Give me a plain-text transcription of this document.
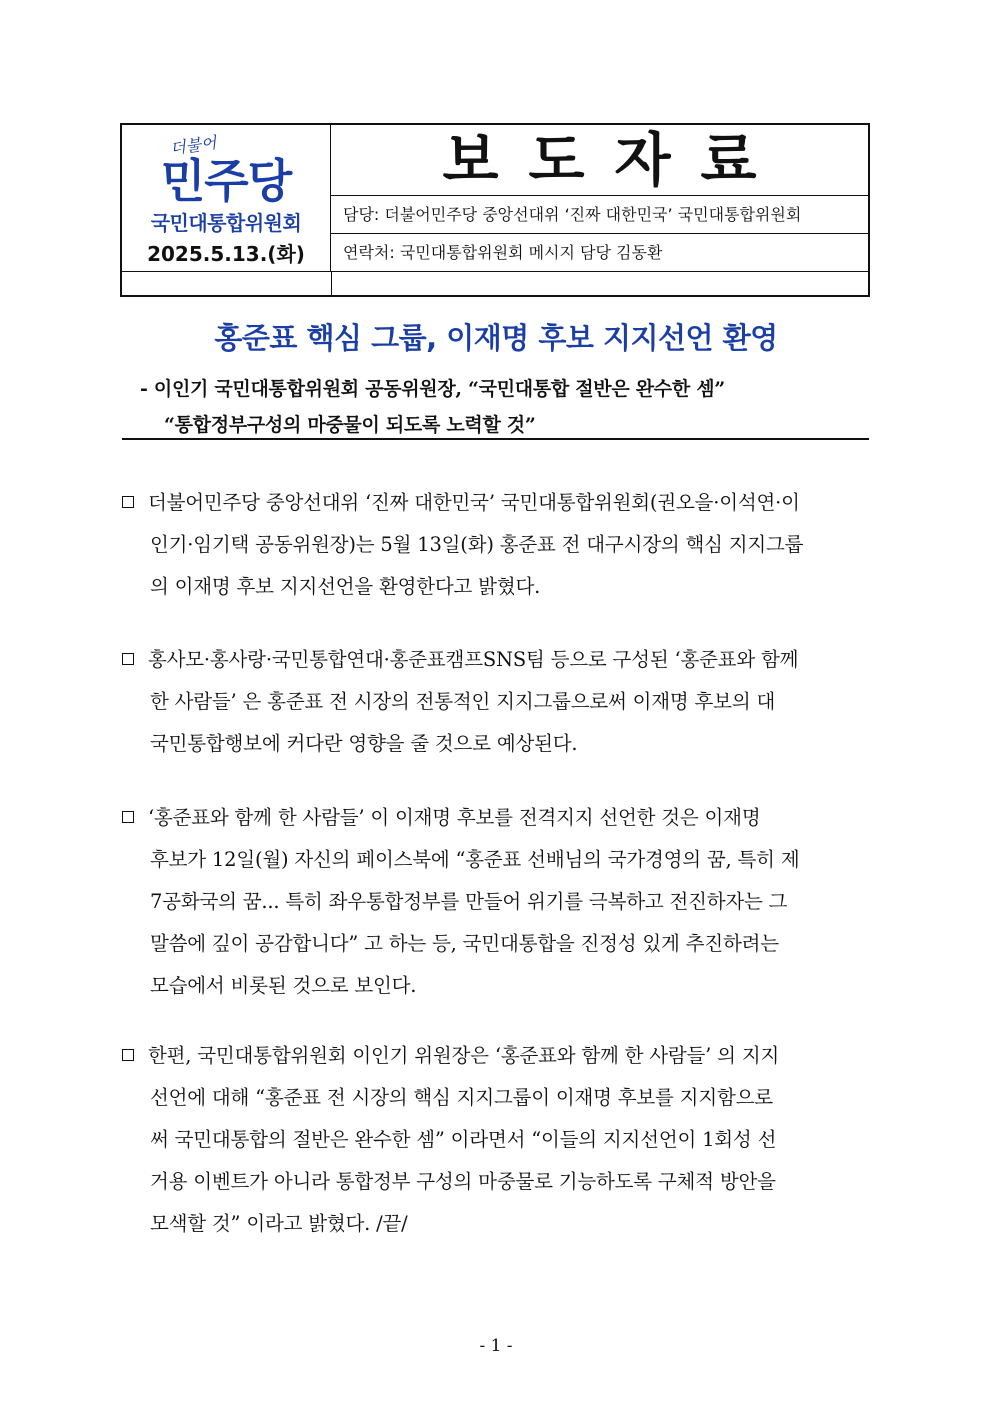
더불어
민주당
국민대통합위원회
2025.5.13.(화)
보도자료
담당: 더불어민주당 중앙선대위 ‘진짜 대한민국’ 국민대통합위원회
연락처: 국민대통합위원회 메시지 담당 김동환
홍준표 핵심 그룹, 이재명 후보 지지선언 환영
- 이인기 국민대통합위원회 공동위원장, “국민대통합 절반은 완수한 셈”
“통합정부구성의 마중물이 되도록 노력할 것”
더불어민주당 중앙선대위 ‘진짜 대한민국’ 국민대통합위원회(권오을·이석연·이
인기·임기택 공동위원장)는 5월 13일(화) 홍준표 전 대구시장의 핵심 지지그룹
의 이재명 후보 지지선언을 환영한다고 밝혔다.
홍사모·홍사랑·국민통합연대·홍준표캠프SNS팀 등으로 구성된 ‘홍준표와 함께
한 사람들’ 은 홍준표 전 시장의 전통적인 지지그룹으로써 이재명 후보의 대
국민통합행보에 커다란 영향을 줄 것으로 예상된다.
‘홍준표와 함께 한 사람들’ 이 이재명 후보를 전격지지 선언한 것은 이재명
후보가 12일(월) 자신의 페이스북에 “홍준표 선배님의 국가경영의 꿈, 특히 제
7공화국의 꿈... 특히 좌우통합정부를 만들어 위기를 극복하고 전진하자는 그
말씀에 깊이 공감합니다” 고 하는 등, 국민대통합을 진정성 있게 추진하려는
모습에서 비롯된 것으로 보인다.
한편, 국민대통합위원회 이인기 위원장은 ‘홍준표와 함께 한 사람들’ 의 지지
선언에 대해 “홍준표 전 시장의 핵심 지지그룹이 이재명 후보를 지지함으로
써 국민대통합의 절반은 완수한 셈” 이라면서 “이들의 지지선언이 1회성 선
거용 이벤트가 아니라 통합정부 구성의 마중물로 기능하도록 구체적 방안을
모색할 것” 이라고 밝혔다. /끝/
- 1 -
